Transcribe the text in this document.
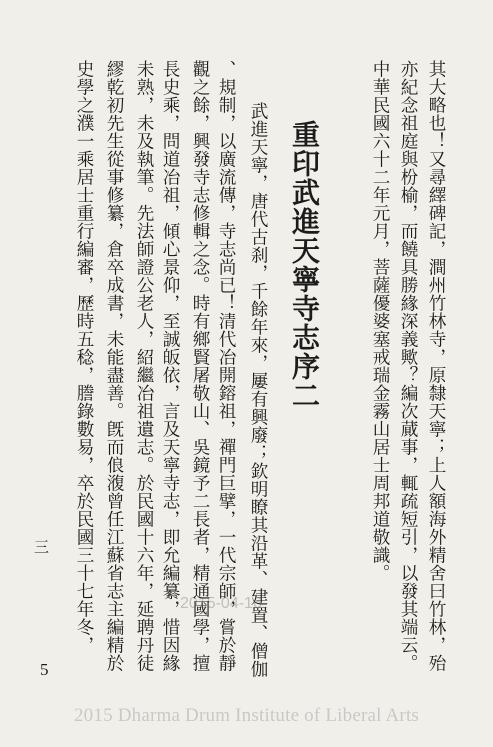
其大略也！又尋繹碑記，澗州竹林寺，原隸天寧；上人額海外精舍曰竹林，殆
亦紀念祖庭與枌榆，而饒具勝緣深義歟？編次蕆事，輒疏短引，以發其端云。
中華民國六十二年元月，菩薩優婆塞戒瑞金霧山居士周邦道敬識。
重印武進天寧寺志序二
武進天寧，唐代古刹，千餘年來，屢有興廢；欽明瞭其沿革、建置、僧伽
、規制，以廣流傳，寺志尚已！清代冶開鎔祖，禪門巨擘，一代宗師，嘗於靜
觀之餘，興發寺志修輯之念。時有鄉賢屠敬山、吳鏡予二長者，精通國學，擅
長史乘，問道冶祖，傾心景仰，至誠皈依，言及天寧寺志，即允編纂，惜因緣
未熟，未及執筆。先法師證公老人，紹繼冶祖遺志。於民國十六年，延聘丹徒
繆乾初先生從事修纂，倉卒成書，未能盡善。旣而俍澓曾任江蘇省志主編精於
史學之濮一乘居士重行編審，歷時五稔，謄錄數易，卒於民國三十七年冬，
三
2015-04-16
5
2015 Dharma Drum Institute of Liberal Arts
